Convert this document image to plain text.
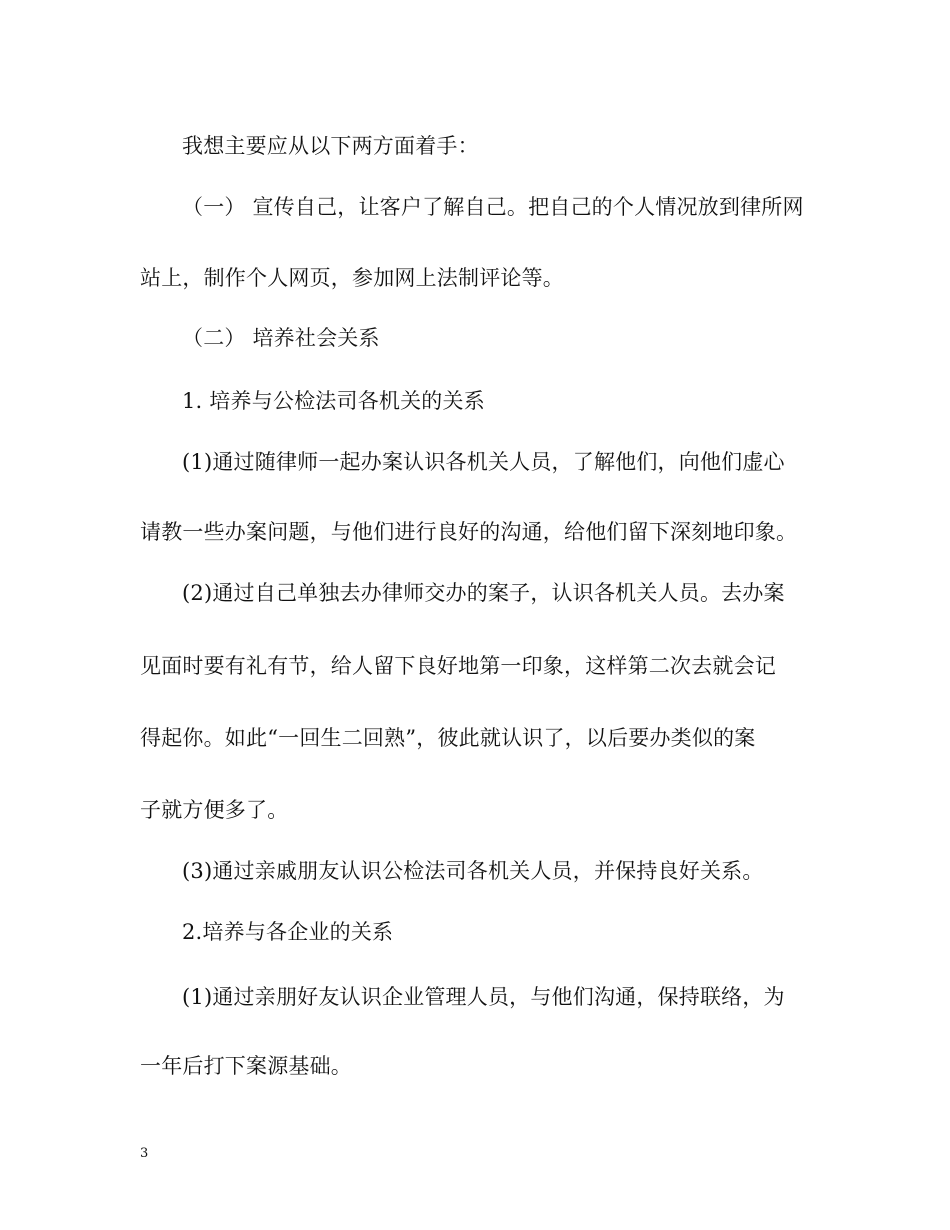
我想主要应从以下两方面着手：
（一） 宣传自己，让客户了解自己。把自己的个人情况放到律所网
站上，制作个人网页，参加网上法制评论等。
（二） 培养社会关系
1. 培养与公检法司各机关的关系
(1)通过随律师一起办案认识各机关人员，了解他们，向他们虚心
请教一些办案问题，与他们进行良好的沟通，给他们留下深刻地印象。
(2)通过自己单独去办律师交办的案子，认识各机关人员。去办案
见面时要有礼有节，给人留下良好地第一印象，这样第二次去就会记
得起你。如此“一回生二回熟”，彼此就认识了，以后要办类似的案
子就方便多了。
(3)通过亲戚朋友认识公检法司各机关人员，并保持良好关系。
2.培养与各企业的关系
(1)通过亲朋好友认识企业管理人员，与他们沟通，保持联络，为
一年后打下案源基础。
3
